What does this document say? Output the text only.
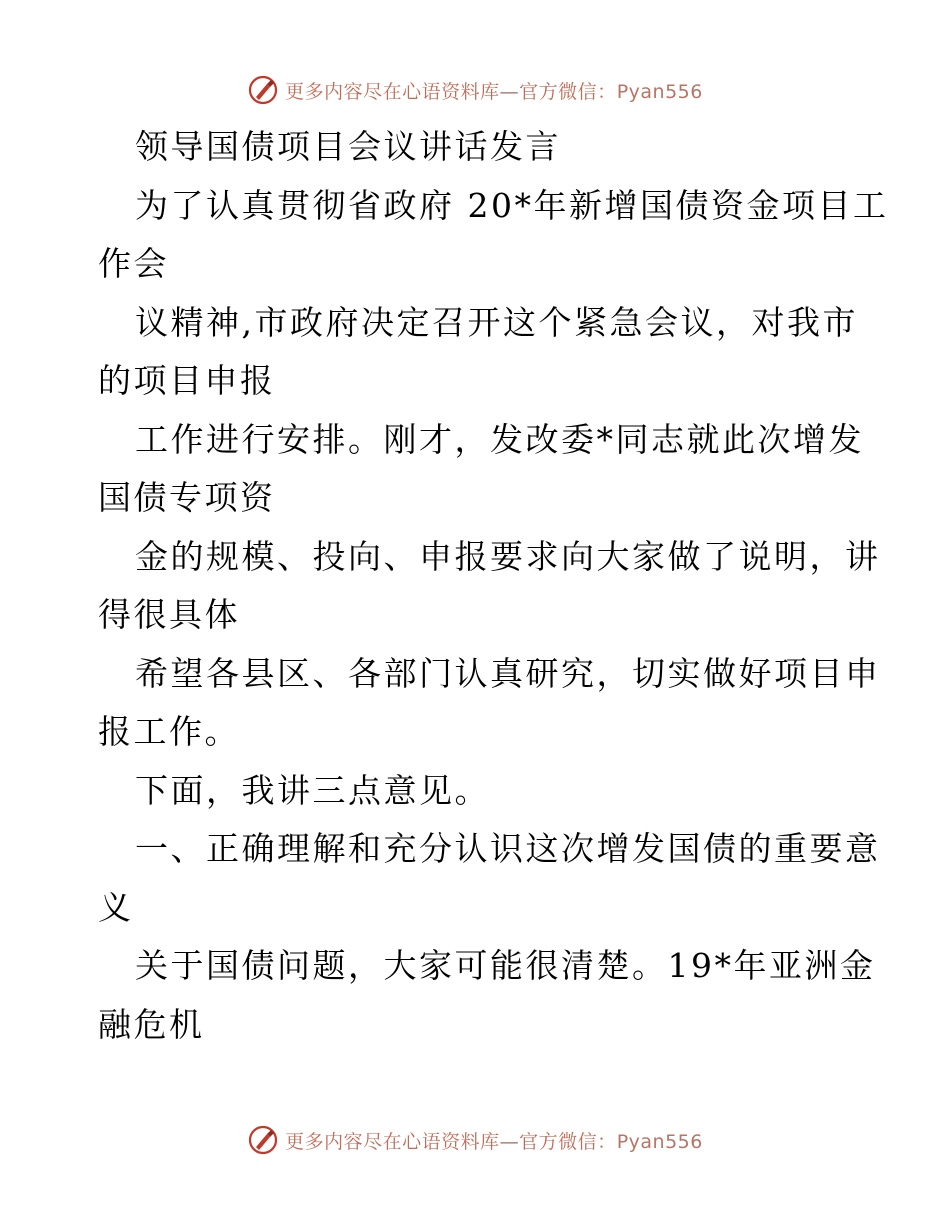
更多内容尽在心语资料库—官方微信：Pyan556
领导国债项目会议讲话发言
为了认真贯彻省政府 20*年新增国债资金项目工
作会
议精神,市政府决定召开这个紧急会议，对我市
的项目申报
工作进行安排。刚才，发改委*同志就此次增发
国债专项资
金的规模、投向、申报要求向大家做了说明，讲
得很具体
希望各县区、各部门认真研究，切实做好项目申
报工作。
下面，我讲三点意见。
一、正确理解和充分认识这次增发国债的重要意
义
关于国债问题，大家可能很清楚。19*年亚洲金
融危机
更多内容尽在心语资料库—官方微信：Pyan556
